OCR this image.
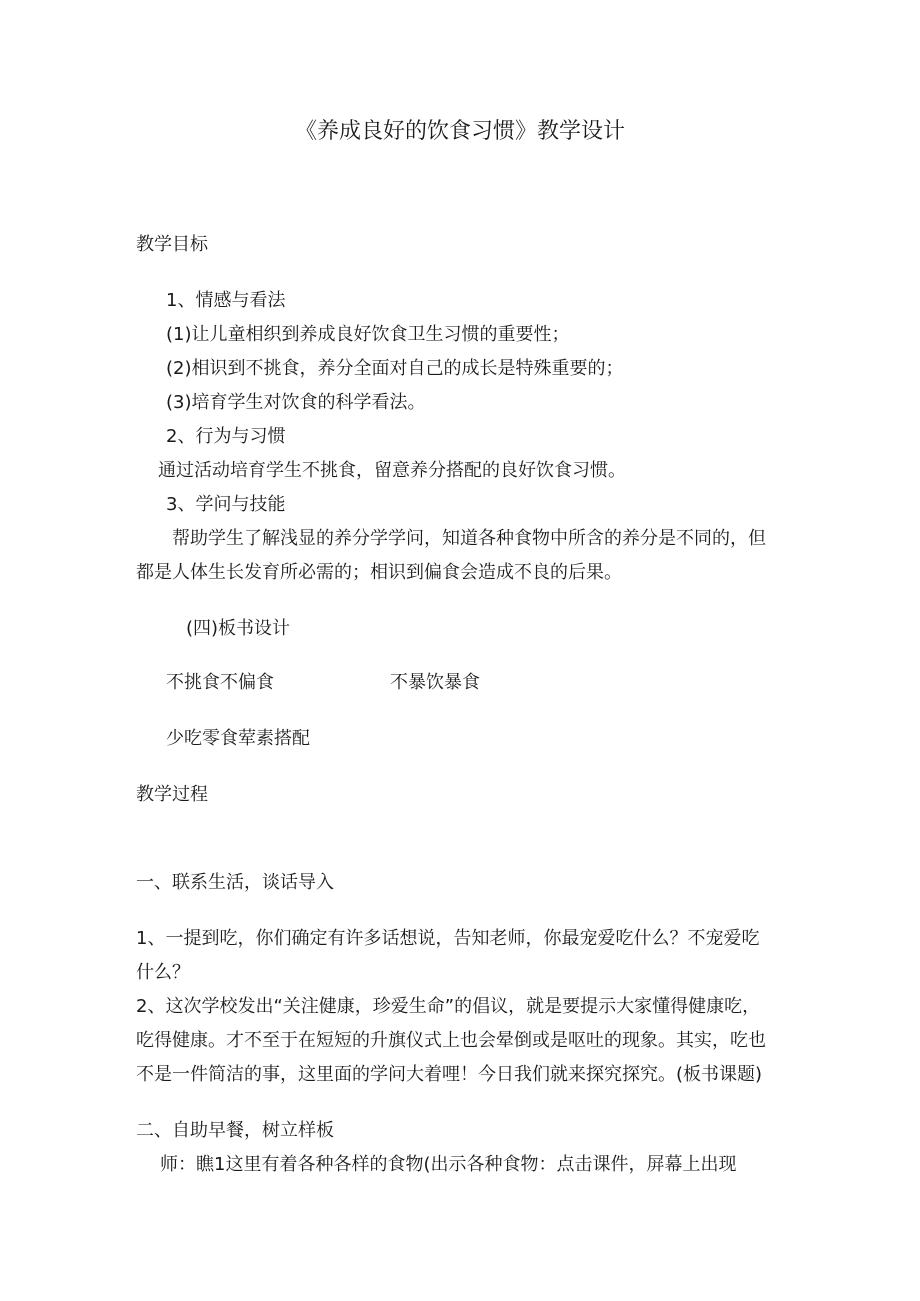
《养成良好的饮食习惯》教学设计
教学目标
1、情感与看法
(1)让儿童相织到养成良好饮食卫生习惯的重要性；
(2)相识到不挑食，养分全面对自己的成长是特殊重要的；
(3)培育学生对饮食的科学看法。
2、行为与习惯
通过活动培育学生不挑食，留意养分搭配的良好饮食习惯。
3、学问与技能
帮助学生了解浅显的养分学学问，知道各种食物中所含的养分是不同的，但
都是人体生长发育所必需的；相识到偏食会造成不良的后果。
(四)板书设计
不挑食不偏食	不暴饮暴食
少吃零食荤素搭配
教学过程
一、联系生活，谈话导入
1、一提到吃，你们确定有许多话想说，告知老师，你最宠爱吃什么？不宠爱吃
什么？
2、这次学校发出“关注健康，珍爱生命”的倡议，就是要提示大家懂得健康吃，
吃得健康。才不至于在短短的升旗仪式上也会晕倒或是呕吐的现象。其实，吃也
不是一件简洁的事，这里面的学问大着哩！今日我们就来探究探究。(板书课题)
二、自助早餐，树立样板
师：瞧1这里有着各种各样的食物(出示各种食物：点击课件，屏幕上出现
